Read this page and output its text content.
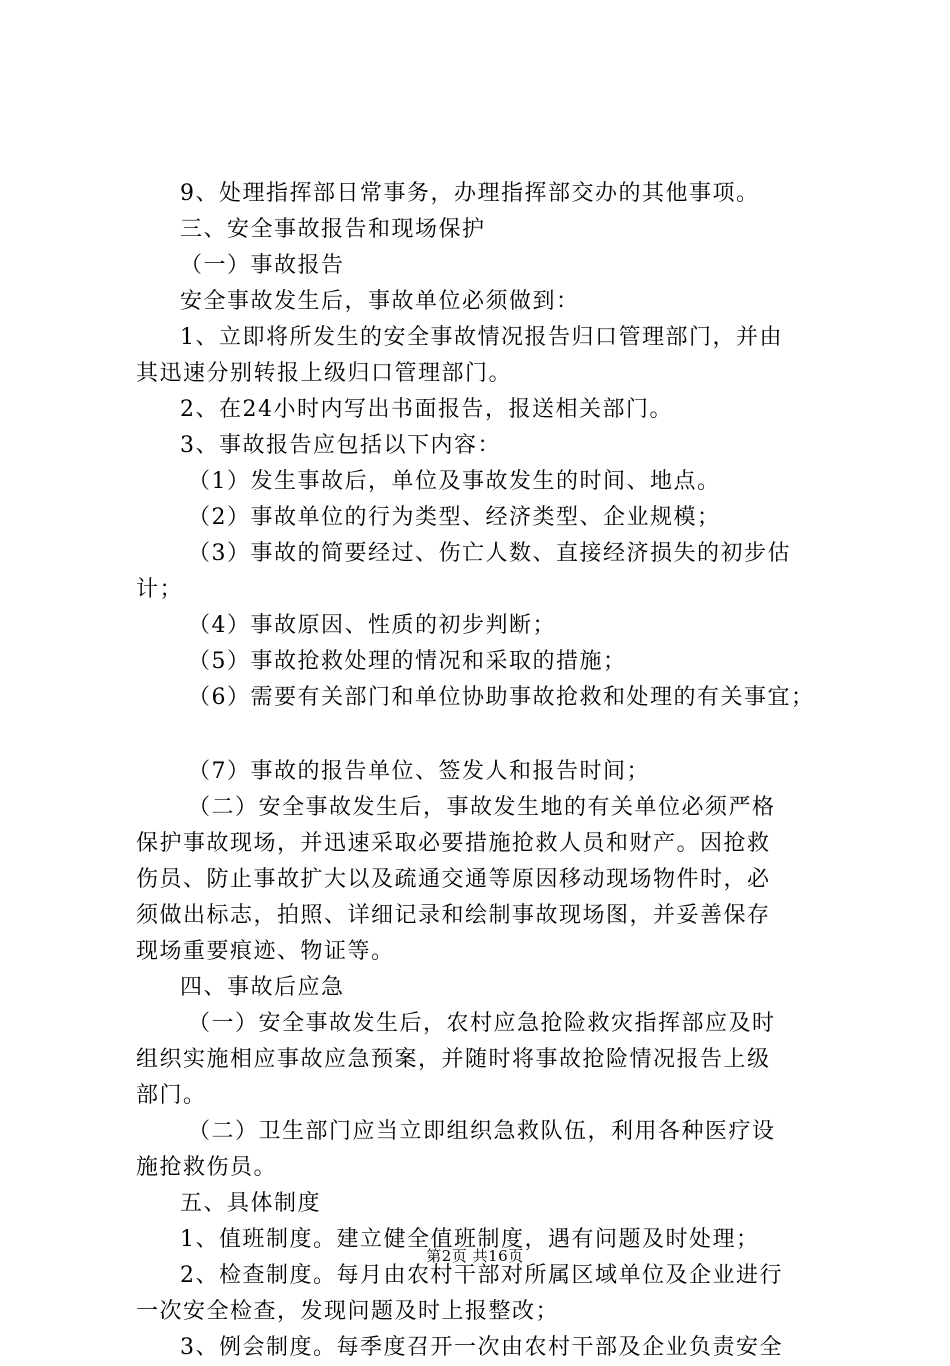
9、处理指挥部日常事务，办理指挥部交办的其他事项。
三、安全事故报告和现场保护
（一）事故报告
安全事故发生后，事故单位必须做到：
1、立即将所发生的安全事故情况报告归口管理部门，并由
其迅速分别转报上级归口管理部门。
2、在24小时内写出书面报告，报送相关部门。
3、事故报告应包括以下内容：
（1）发生事故后，单位及事故发生的时间、地点。
（2）事故单位的行为类型、经济类型、企业规模；
（3）事故的简要经过、伤亡人数、直接经济损失的初步估
计；
（4）事故原因、性质的初步判断；
（5）事故抢救处理的情况和采取的措施；
（6）需要有关部门和单位协助事故抢救和处理的有关事宜；
（7）事故的报告单位、签发人和报告时间；
（二）安全事故发生后，事故发生地的有关单位必须严格
保护事故现场，并迅速采取必要措施抢救人员和财产。因抢救
伤员、防止事故扩大以及疏通交通等原因移动现场物件时，必
须做出标志，拍照、详细记录和绘制事故现场图，并妥善保存
现场重要痕迹、物证等。
四、事故后应急
（一）安全事故发生后，农村应急抢险救灾指挥部应及时
组织实施相应事故应急预案，并随时将事故抢险情况报告上级
部门。
（二）卫生部门应当立即组织急救队伍，利用各种医疗设
施抢救伤员。
五、具体制度
1、值班制度。建立健全值班制度，遇有问题及时处理；
2、检查制度。每月由农村干部对所属区域单位及企业进行
一次安全检查，发现问题及时上报整改；
3、例会制度。每季度召开一次由农村干部及企业负责安全
第2页 共16页
